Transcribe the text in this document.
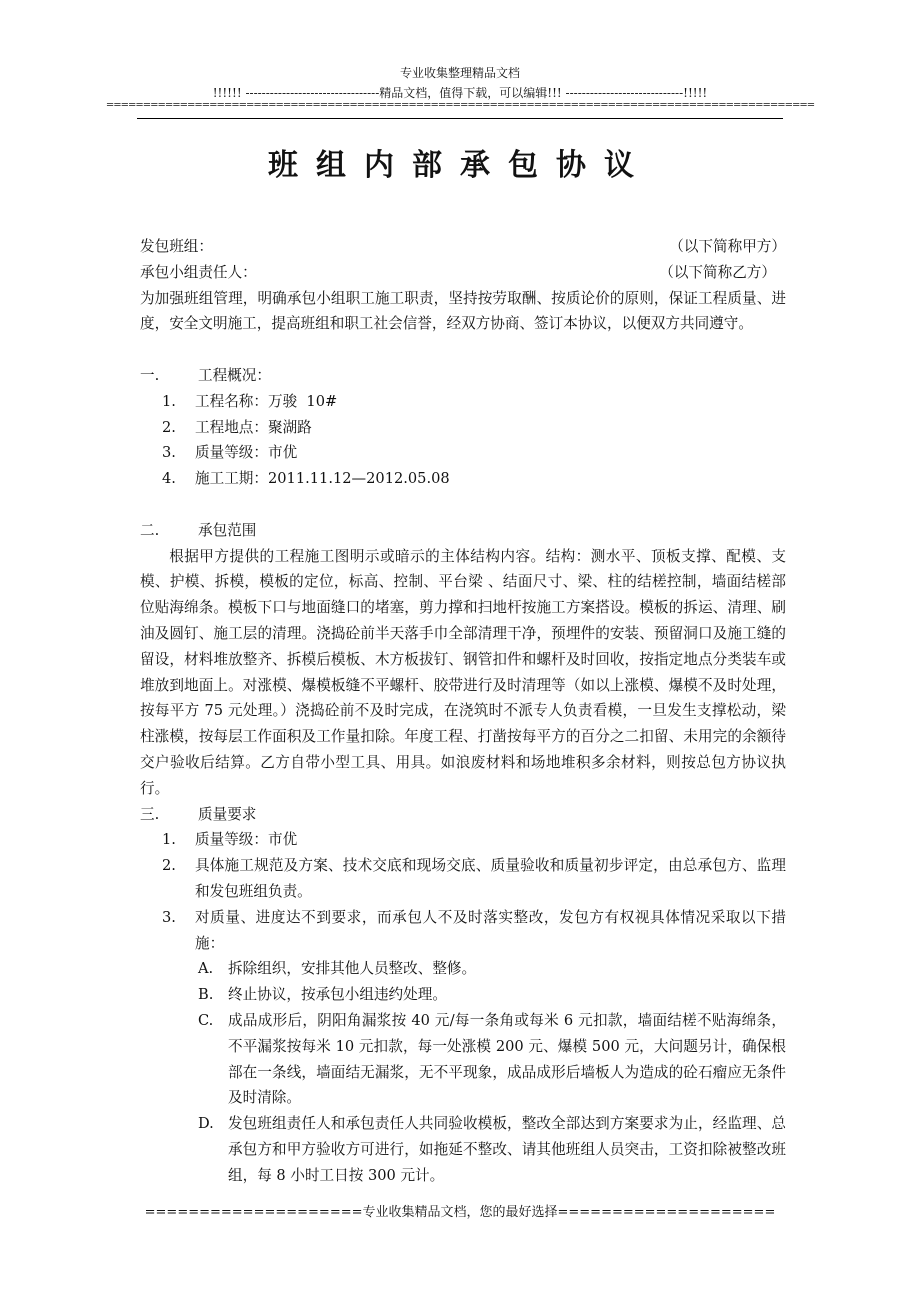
专业收集整理精品文档
!!!!!! ---------------------------------精品文档，值得下载，可以编辑!!! -----------------------------!!!!!
================================================================================================
班组内部承包协议
发包班组：	（以下简称甲方）
承包小组责任人：	（以下简称乙方）

为加强班组管理，明确承包小组职工施工职责，坚持按劳取酬、按质论价的原则，保证工程质量、进度，安全文明施工，提高班组和职工社会信誉，经双方协商、签订本协议，以便双方共同遵守。

一.	工程概况：
1.	工程名称：万骏  10#
2.	工程地点：聚湖路
3.	质量等级：市优
4.	施工工期：2011.11.12—2012.05.08
二.	承包范围

根据甲方提供的工程施工图明示或暗示的主体结构内容。结构：测水平、顶板支撑、配模、支模、护模、拆模，模板的定位，标高、控制、平台梁 、结面尺寸、梁、柱的结槎控制，墙面结槎部位贴海绵条。模板下口与地面缝口的堵塞，剪力撑和扫地杆按施工方案搭设。模板的拆运、清理、刷油及圆钉、施工层的清理。浇捣砼前半天落手巾全部清理干净，预埋件的安装、预留洞口及施工缝的留设，材料堆放整齐、拆模后模板、木方板拔钉、钢管扣件和螺杆及时回收，按指定地点分类装车或堆放到地面上。对涨模、爆模板缝不平螺杆、胶带进行及时清理等（如以上涨模、爆模不及时处理，按每平方 75 元处理。）浇捣砼前不及时完成，在浇筑时不派专人负责看模，一旦发生支撑松动，梁柱涨模，按每层工作面积及工作量扣除。年度工程、打凿按每平方的百分之二扣留、未用完的余额待交户验收后结算。乙方自带小型工具、用具。如浪废材料和场地堆积多余材料，则按总包方协议执行。

三.	质量要求
1.	质量等级：市优
2.	具体施工规范及方案、技术交底和现场交底、质量验收和质量初步评定，由总承包方、监理和发包班组负责。
3.	对质量、进度达不到要求，而承包人不及时落实整改，发包方有权视具体情况采取以下措施：
A.	拆除组织，安排其他人员整改、整修。
B.	终止协议，按承包小组违约处理。
C.	成品成形后，阴阳角漏浆按 40 元/每一条角或每米 6 元扣款，墙面结槎不贴海绵条，不平漏浆按每米 10 元扣款，每一处涨模 200 元、爆模 500 元，大问题另计，确保根部在一条线，墙面结无漏浆，无不平现象，成品成形后墙板人为造成的砼石瘤应无条件及时清除。
D. 发包班组责任人和承包责任人共同验收模板，整改全部达到方案要求为止，经监理、总承包方和甲方验收方可进行，如拖延不整改、请其他班组人员突击，工资扣除被整改班组，每 8 小时工日按 300 元计。
====================专业收集精品文档，您的最好选择====================
